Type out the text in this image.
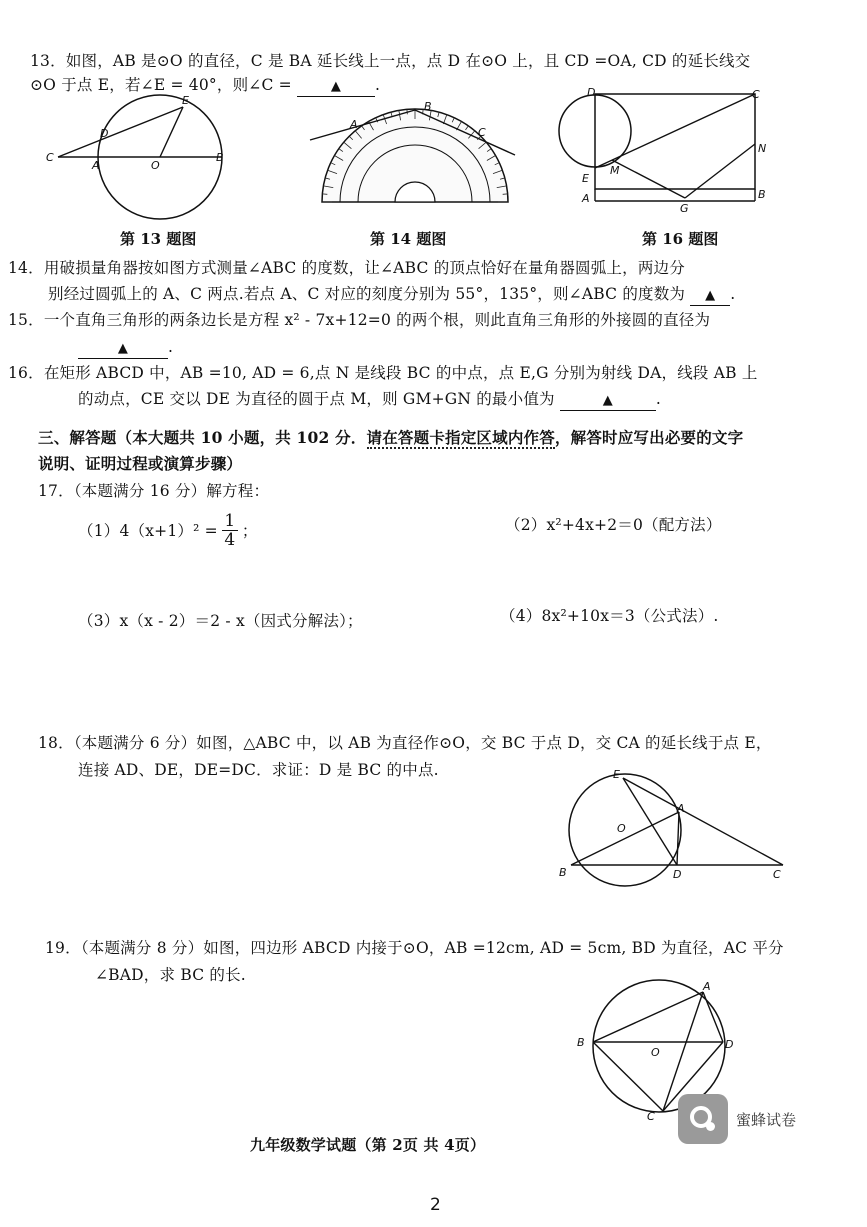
13．如图，AB 是⊙O 的直径，C 是 BA 延长线上一点，点 D 在⊙O 上，且 CD =OA, CD 的延长线交
⊙O 于点 E，若∠E = 40°，则∠C =	▲ .
C
D
E
A	O
B
A
B
C
D	C
N
M
E
A
G
B
第 13 题图	第 14 题图	第 16 题图
14．用破损量角器按如图方式测量∠ABC 的度数，让∠ABC 的顶点恰好在量角器圆弧上，两边分
别经过圆弧上的 A、C 两点.若点 A、C 对应的刻度分别为 55°，135°，则∠ABC 的度数为 ▲ .
15．一个直角三角形的两条边长是方程 x² - 7x+12=0 的两个根，则此直角三角形的外接圆的直径为
▲	.
16．在矩形 ABCD 中，AB =10, AD = 6,点 N 是线段 BC 的中点，点 E,G 分别为射线 DA，线段 AB 上
的动点，CE 交以 DE 为直径的圆于点 M，则 GM+GN 的最小值为	▲	.
三、解答题（本大题共 10 小题，共 102 分．请在答题卡指定区域内作答，解答时应写出必要的文字
说明、证明过程或演算步骤）
17．（本题满分 16 分）解方程：
（1）4（x+1）² = 1
4 ；	（2）x²+4x+2＝0（配方法）
（3）x（x - 2）＝2 - x（因式分解法）；	（4）8x²+10x＝3（公式法）.
18．（本题满分 6 分）如图，△ABC 中，以 AB 为直径作⊙O，交 BC 于点 D，交 CA 的延长线于点 E，
连接 AD、DE，DE=DC．求证：D 是 BC 的中点.	E
A
O
B	D	C
19．（本题满分 8 分）如图，四边形 ABCD 内接于⊙O，AB =12cm, AD = 5cm, BD 为直径，AC 平分
∠BAD，求 BC 的长.
A
B
O
D
C	蜜蜂试卷
九年级数学试题（第 2页 共 4页）
2
